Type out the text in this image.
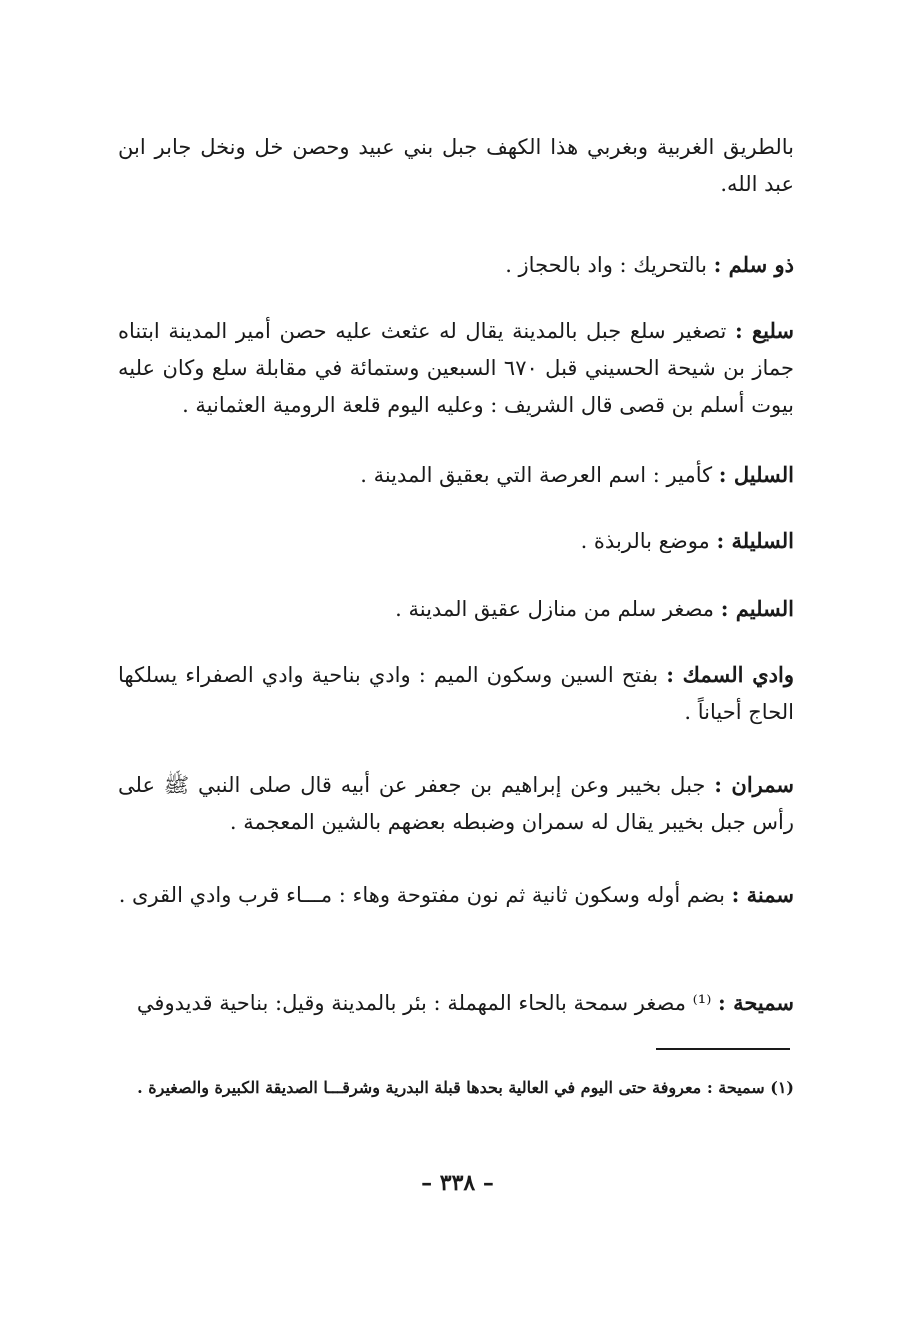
بالطريق الغربية وبغربي هذا الكهف جبل بني عبيد وحصن خل ونخل جابر ابن عبد الله.
ذو سلم : بالتحريك : واد بالحجاز .
سليع : تصغير سلع جبل بالمدينة يقال له عثعث عليه حصن أمير المدينة ابتناه جماز بن شيحة الحسيني قبل ٦٧٠ السبعين وستمائة في مقابلة سلع وكان عليه بيوت أسلم بن قصى قال الشريف : وعليه اليوم قلعة الرومية العثمانية .
السليل : كأمير : اسم العرصة التي بعقيق المدينة .
السليلة : موضع بالربذة .
السليم : مصغر سلم من منازل عقيق المدينة .
وادي السمك : بفتح السين وسكون الميم : وادي بناحية وادي الصفراء يسلكها الحاج أحياناً .
سمران : جبل بخيبر وعن إبراهيم بن جعفر عن أبيه قال صلى النبي ﷺ على رأس جبل بخيبر يقال له سمران وضبطه بعضهم بالشين المعجمة .
سمنة : بضم أوله وسكون ثانية ثم نون مفتوحة وهاء : مـــاء قرب وادي القرى .
سميحة : ⁽¹⁾ مصغر سمحة بالحاء المهملة : بئر بالمدينة وقيل: بناحية قديدوفي
(١) سميحة : معروفة حتى اليوم في العالية بحدها قبلة البدرية وشرقـــا الصديقة الكبيرة والصغيرة .
– ٣٣٨ –
